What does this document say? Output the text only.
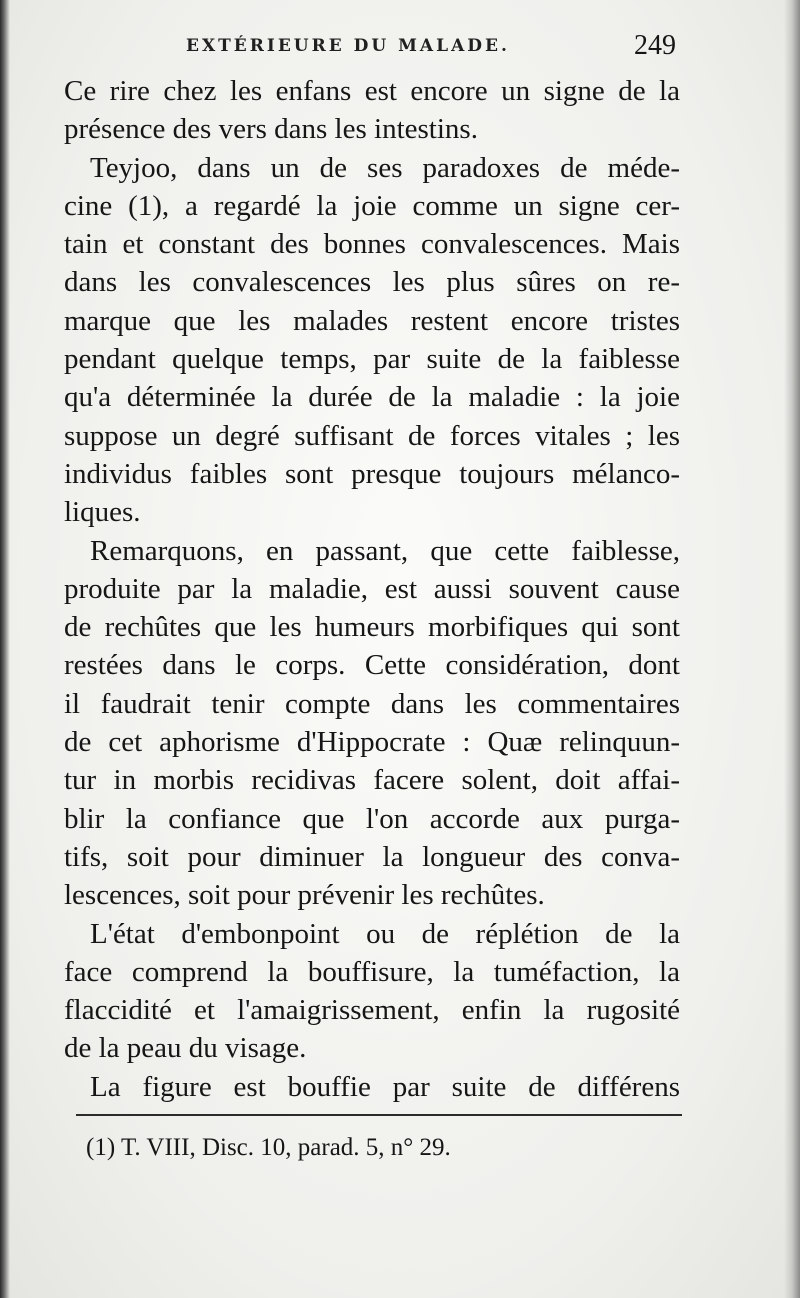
EXTÉRIEURE DU MALADE.	249
Ce rire chez les enfans est encore un signe de la
présence des vers dans les intestins.
Teyjoo, dans un de ses paradoxes de méde-
cine (1), a regardé la joie comme un signe cer-
tain et constant des bonnes convalescences. Mais
dans les convalescences les plus sûres on re-
marque que les malades restent encore tristes
pendant quelque temps, par suite de la faiblesse
qu'a déterminée la durée de la maladie : la joie
suppose un degré suffisant de forces vitales ; les
individus faibles sont presque toujours mélanco-
liques.
Remarquons, en passant, que cette faiblesse,
produite par la maladie, est aussi souvent cause
de rechûtes que les humeurs morbifiques qui sont
restées dans le corps. Cette considération, dont
il faudrait tenir compte dans les commentaires
de cet aphorisme d'Hippocrate : Quæ relinquun-
tur in morbis recidivas facere solent, doit affai-
blir la confiance que l'on accorde aux purga-
tifs, soit pour diminuer la longueur des conva-
lescences, soit pour prévenir les rechûtes.
L'état d'embonpoint ou de réplétion de la
face comprend la bouffisure, la tuméfaction, la
flaccidité et l'amaigrissement, enfin la rugosité
de la peau du visage.
La figure est bouffie par suite de différens
(1) T. VIII, Disc. 10, parad. 5, n° 29.
